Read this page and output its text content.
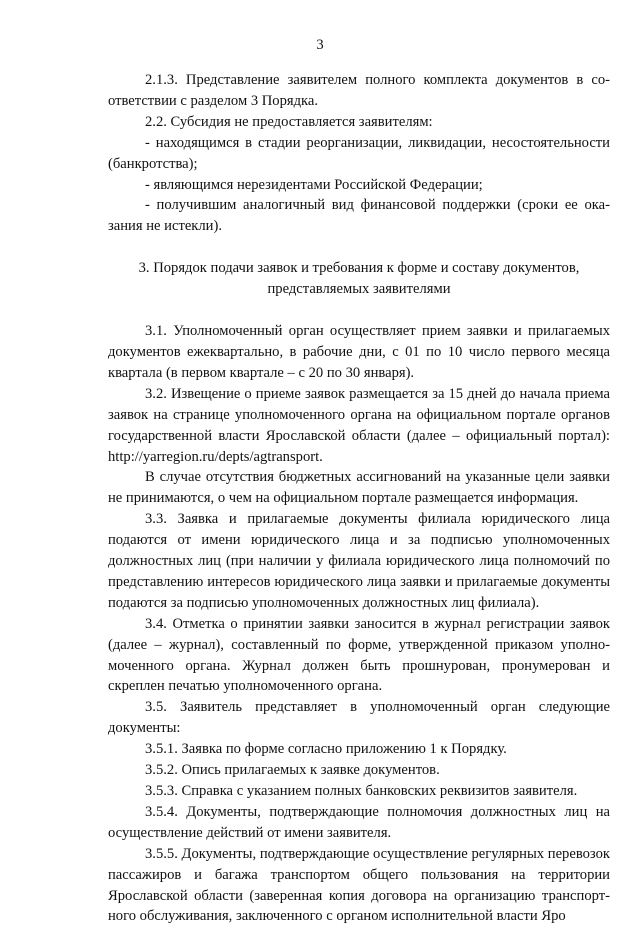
3

2.1.3. Представление заявителем полного комплекта документов в соответствии с разделом 3 Порядка.

2.2. Субсидия не предоставляется заявителям:

- находящимся в стадии реорганизации, ликвидации, несостоятельности (банкротства);

- являющимся нерезидентами Российской Федерации;

- получившим аналогичный вид финансовой поддержки (сроки ее оказания не истекли).

3. Порядок подачи заявок и требования к форме и составу документов,

представляемых заявителями

3.1. Уполномоченный орган осуществляет прием заявки и прилагаемых документов ежеквартально, в рабочие дни, с 01 по 10 число первого месяца квартала (в первом квартале – с 20 по 30 января).

3.2. Извещение о приеме заявок размещается за 15 дней до начала приема заявок на странице уполномоченного органа на официальном портале органов государственной власти Ярославской области (далее – официальный портал): http://yarregion.ru/depts/agtransport.

В случае отсутствия бюджетных ассигнований на указанные цели заявки не принимаются, о чем на официальном портале размещается информация.

3.3. Заявка и прилагаемые документы филиала юридического лица подаются от имени юридического лица и за подписью уполномоченных должностных лиц (при наличии у филиала юридического лица полномочий по представлению интересов юридического лица заявки и прилагаемые документы подаются за подписью уполномоченных должностных лиц филиала).

3.4. Отметка о принятии заявки заносится в журнал регистрации заявок (далее – журнал), составленный по форме, утвержденной приказом уполномоченного органа. Журнал должен быть прошнурован, пронумерован и скреплен печатью уполномоченного органа.

3.5. Заявитель представляет в уполномоченный орган следующие документы:

3.5.1. Заявка по форме согласно приложению 1 к Порядку.

3.5.2. Опись прилагаемых к заявке документов.

3.5.3. Справка с указанием полных банковских реквизитов заявителя.

3.5.4. Документы, подтверждающие полномочия должностных лиц на осуществление действий от имени заявителя.

3.5.5. Документы, подтверждающие осуществление регулярных перевозок пассажиров и багажа транспортом общего пользования на территории Ярославской области (заверенная копия договора на организацию транспортного обслуживания, заключенного с органом исполнительной власти Яро
